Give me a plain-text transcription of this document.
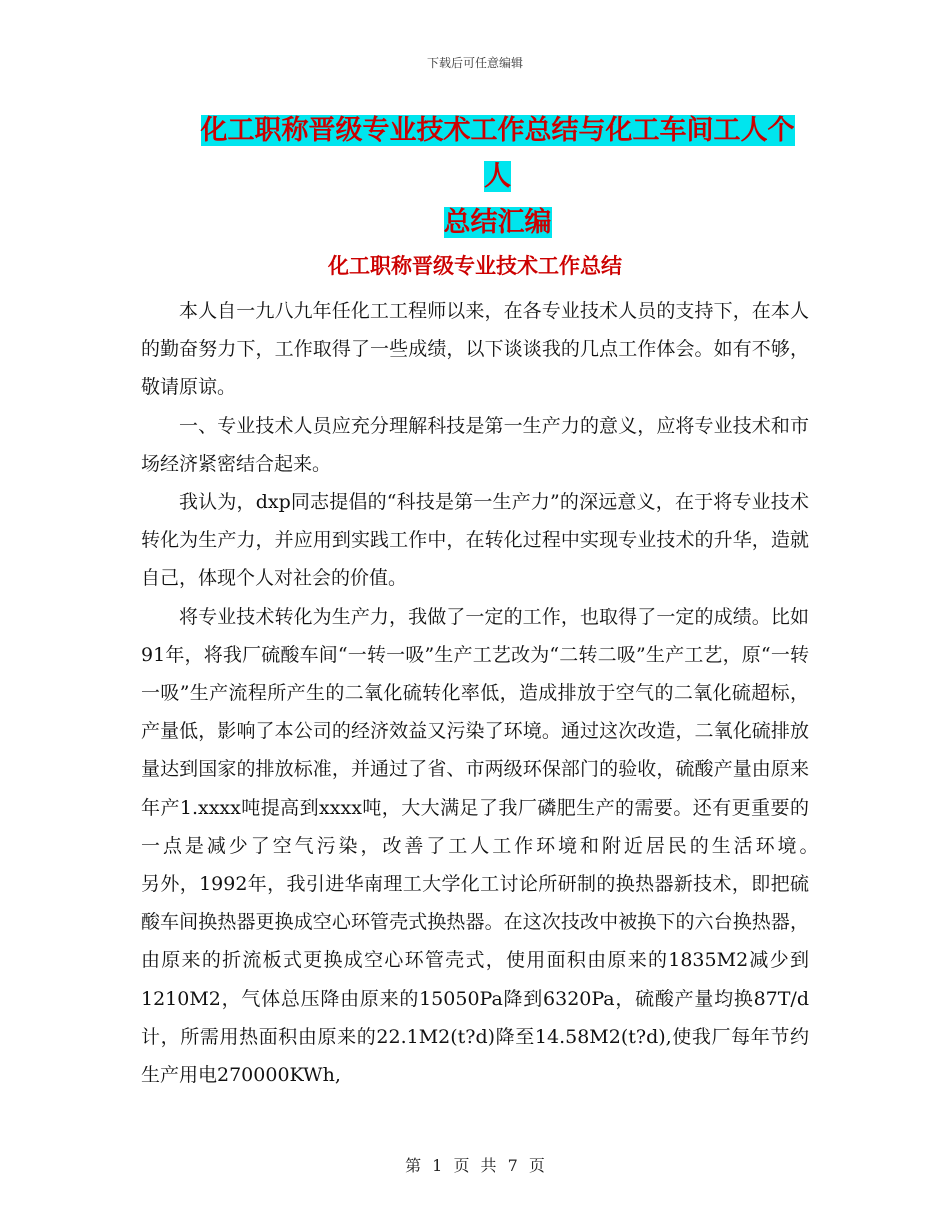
下载后可任意编辑
化工职称晋级专业技术工作总结与化工车间工人个人
总结汇编
化工职称晋级专业技术工作总结

本人自一九八九年任化工工程师以来，在各专业技术人员的支持下，在本人的勤奋努力下，工作取得了一些成绩，以下谈谈我的几点工作体会。如有不够，敬请原谅。

一、专业技术人员应充分理解科技是第一生产力的意义，应将专业技术和市场经济紧密结合起来。

我认为，dxp同志提倡的“科技是第一生产力”的深远意义，在于将专业技术转化为生产力，并应用到实践工作中，在转化过程中实现专业技术的升华，造就自己，体现个人对社会的价值。

将专业技术转化为生产力，我做了一定的工作，也取得了一定的成绩。比如91年，将我厂硫酸车间“一转一吸”生产工艺改为“二转二吸”生产工艺，原“一转一吸”生产流程所产生的二氧化硫转化率低，造成排放于空气的二氧化硫超标，产量低，影响了本公司的经济效益又污染了环境。通过这次改造，二氧化硫排放量达到国家的排放标准，并通过了省、市两级环保部门的验收，硫酸产量由原来年产1.xxxx吨提高到xxxx吨，大大满足了我厂磷肥生产的需要。还有更重要的一点是减少了空气污染，改善了工人工作环境和附近居民的生活环境。　　　　另外，1992年，我引进华南理工大学化工讨论所研制的换热器新技术，即把硫酸车间换热器更换成空心环管壳式换热器。在这次技改中被换下的六台换热器，由原来的折流板式更换成空心环管壳式，使用面积由原来的1835M2减少到1210M2，气体总压降由原来的15050Pa降到6320Pa，硫酸产量均换87T/d计，所需用热面积由原来的22.1M2(t?d)降至14.58M2(t?d),使我厂每年节约生产用电270000KWh,

第 1 页 共 7 页
